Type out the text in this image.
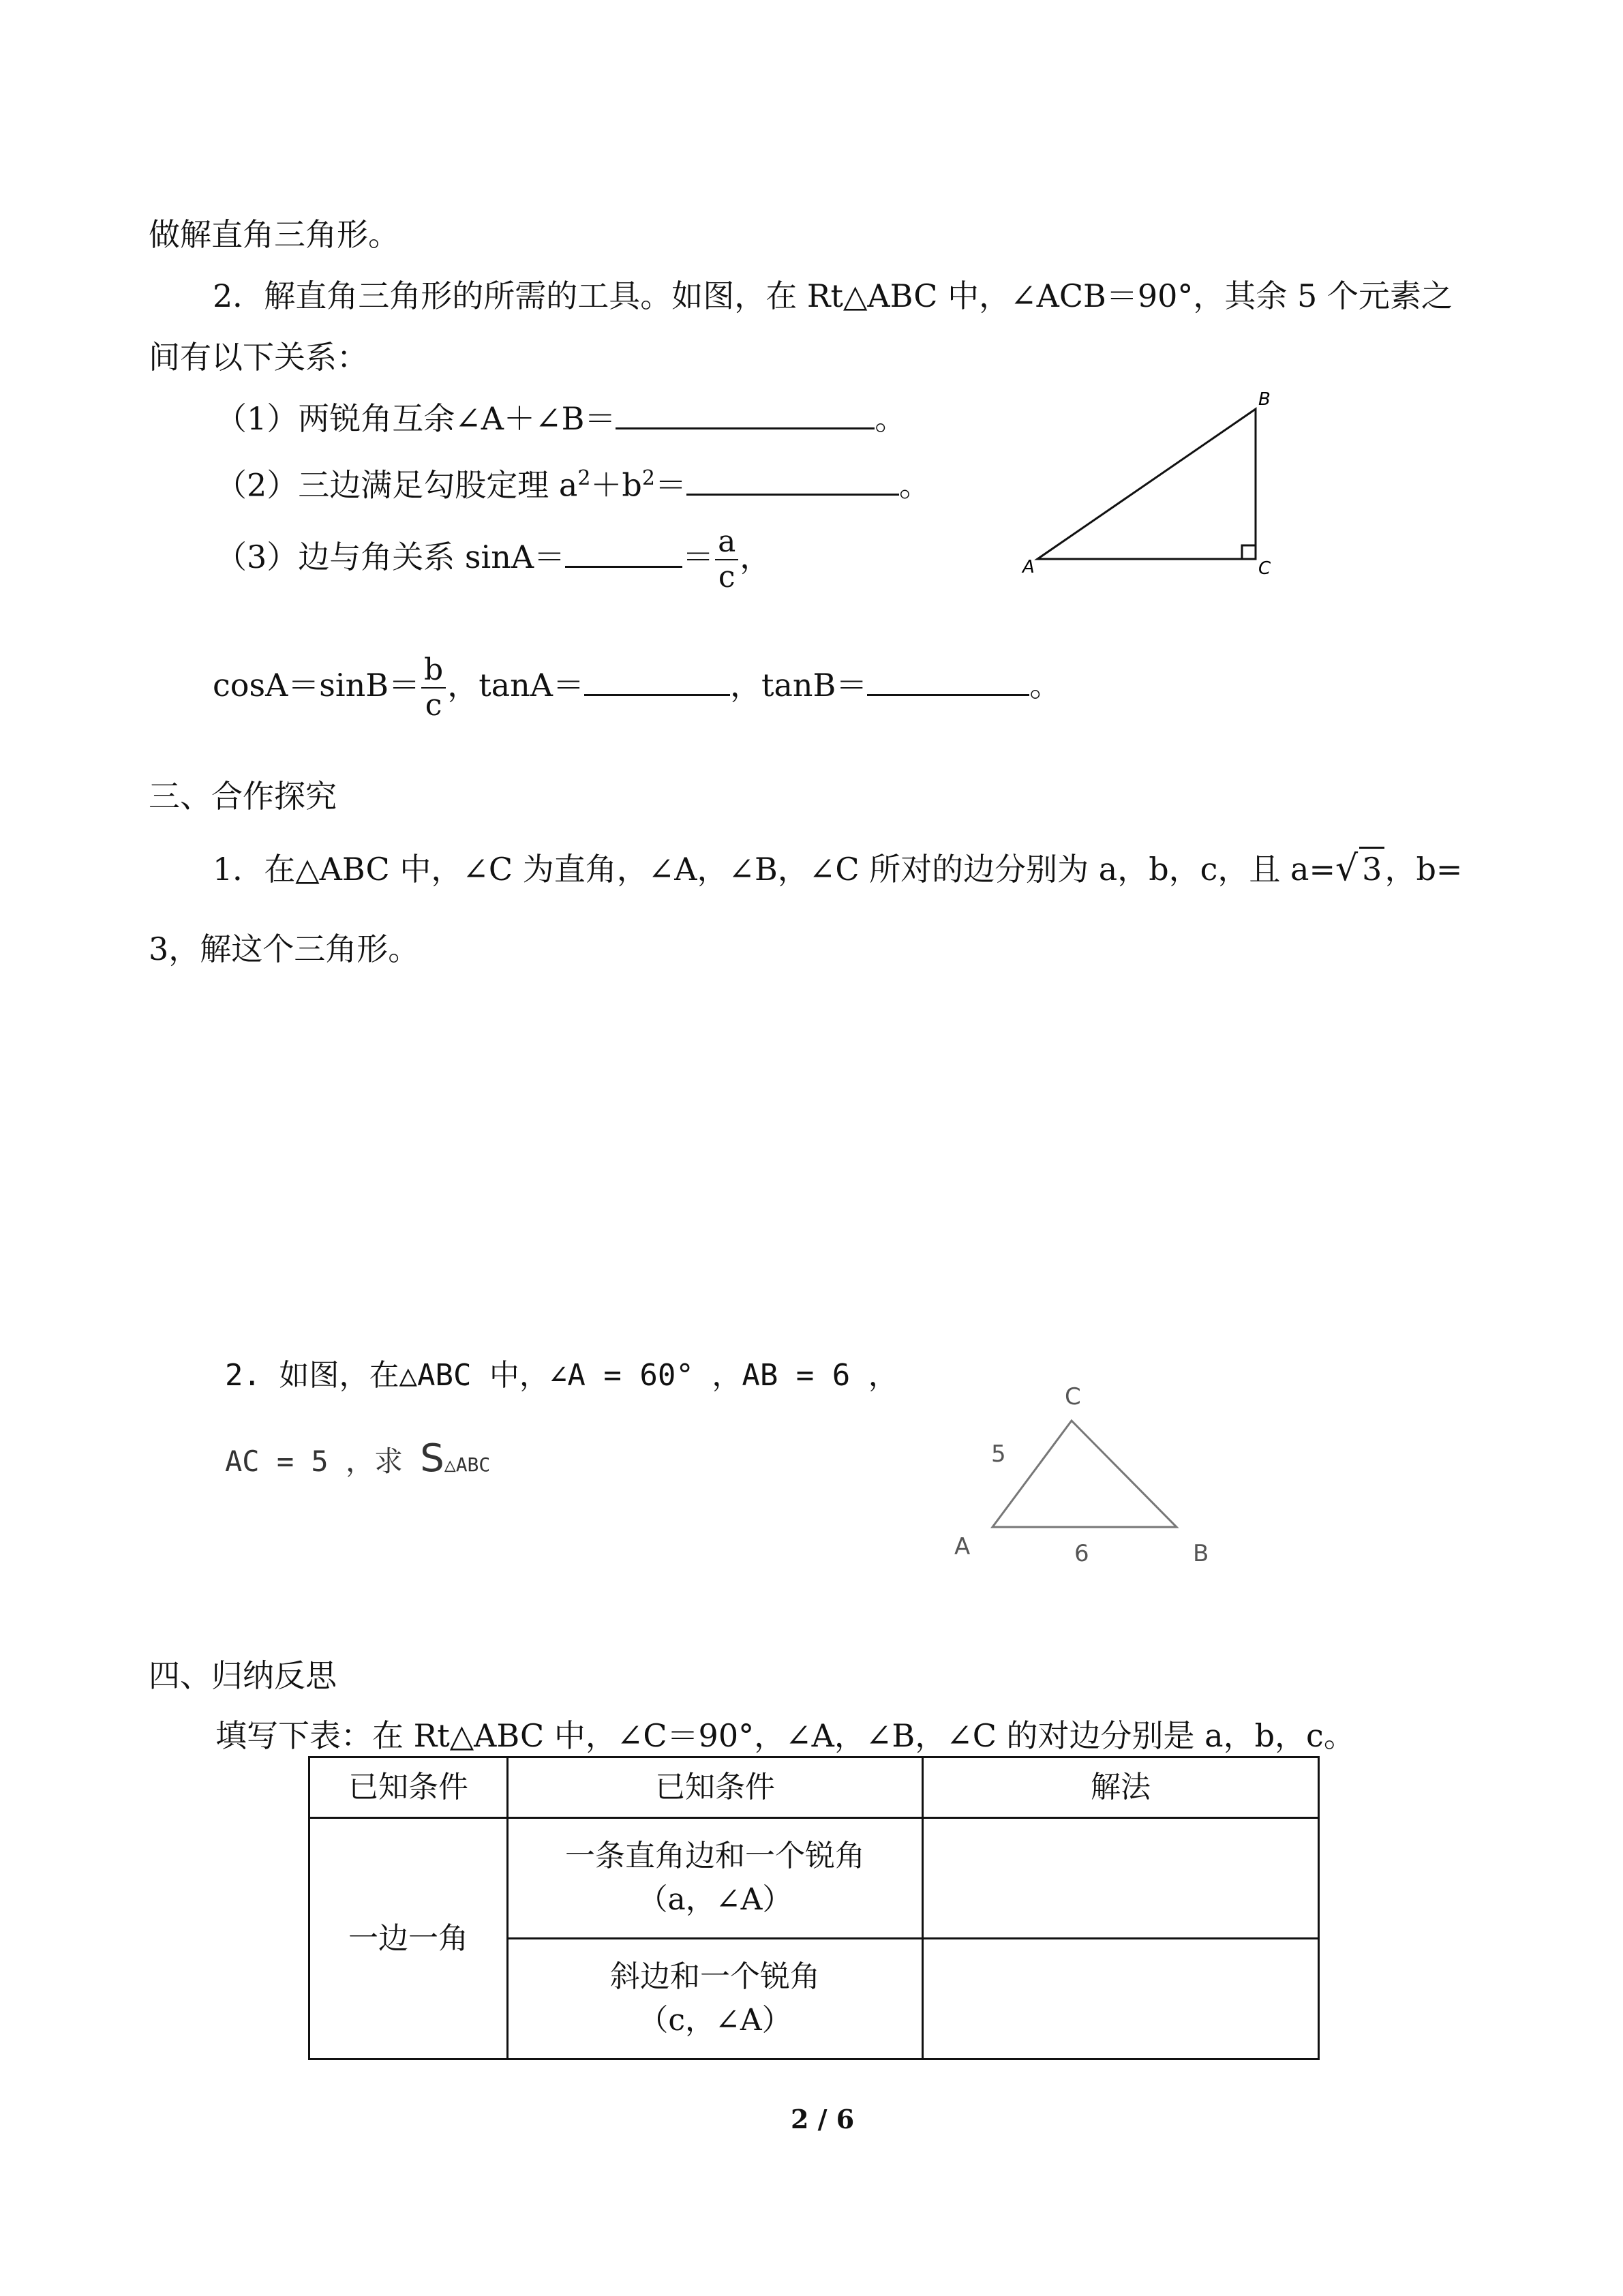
做解直角三角形。
2．解直角三角形的所需的工具。如图，在 Rt△ABC 中，∠ACB＝90°，其余 5 个元素之
间有以下关系：
（1）两锐角互余∠A＋∠B＝	。
（2）三边满足勾股定理 $a^2+b^2=$	。
（3）边与角关系 sinA＝	＝ $\frac{a}{c}$ ，
$\cos A=\sin B= \frac{b}{c}$ ，tanA＝	，tanB＝	。
三、合作探究
1．在△ABC 中，∠C 为直角，∠A，∠B，∠C 所对的边分别为 a，b，c，且 a=√ 3，b=
3，解这个三角形。
2. 如图，在△ABC 中，∠A = 60° ，AB = 6 ，
AC = 5 ，求 S△ABC
四、归纳反思
填写下表：在 Rt△ABC 中，∠C＝90°，∠A，∠B，∠C 的对边分别是 a，b，c。
A
B
C
C
5
A	6	B
已知条件	已知条件	解法
一边一角	一条直角边和一个锐角
（a，∠A）	

	斜边和一个锐角
（c，∠A）	

2 / 6
